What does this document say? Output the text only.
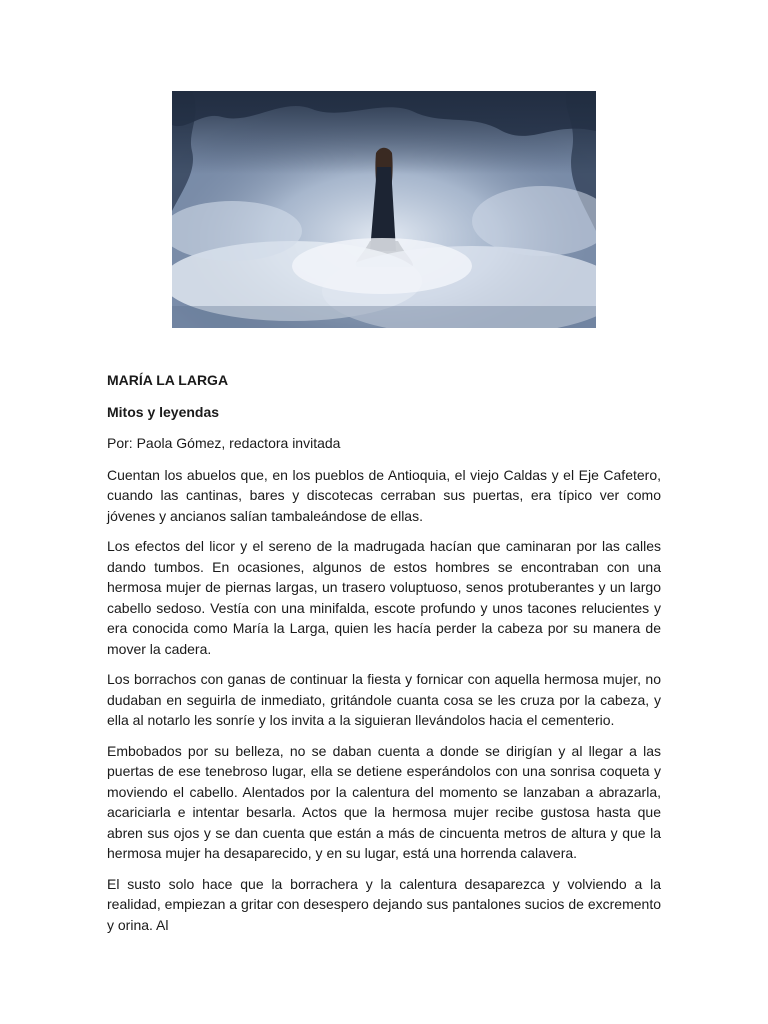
MARÍA LA LARGA
Mitos y leyendas
Por: Paola Gómez, redactora invitada

Cuentan los abuelos que, en los pueblos de Antioquia, el viejo Caldas y el Eje Cafetero, cuando las cantinas, bares y discotecas cerraban sus puertas, era típico ver como jóvenes y ancianos salían tambaleándose de ellas.

Los efectos del licor y el sereno de la madrugada hacían que caminaran por las calles dando tumbos. En ocasiones, algunos de estos hombres se encontraban con una hermosa mujer de piernas largas, un trasero voluptuoso, senos protuberantes y un largo cabello sedoso. Vestía con una minifalda, escote profundo y unos tacones relucientes y era conocida como María la Larga, quien les hacía perder la cabeza por su manera de mover la cadera.

Los borrachos con ganas de continuar la fiesta y fornicar con aquella hermosa mujer, no dudaban en seguirla de inmediato, gritándole cuanta cosa se les cruza por la cabeza, y ella al notarlo les sonríe y los invita a la siguieran llevándolos hacia el cementerio.

Embobados por su belleza, no se daban cuenta a donde se dirigían y al llegar a las puertas de ese tenebroso lugar, ella se detiene esperándolos con una sonrisa coqueta y moviendo el cabello. Alentados por la calentura del momento se lanzaban a abrazarla, acariciarla e intentar besarla. Actos que la hermosa mujer recibe gustosa hasta que abren sus ojos y se dan cuenta que están a más de cincuenta metros de altura y que la hermosa mujer ha desaparecido, y en su lugar, está una horrenda calavera.

El susto solo hace que la borrachera y la calentura desaparezca y volviendo a la realidad, empiezan a gritar con desespero dejando sus pantalones sucios de excremento y orina. Al
